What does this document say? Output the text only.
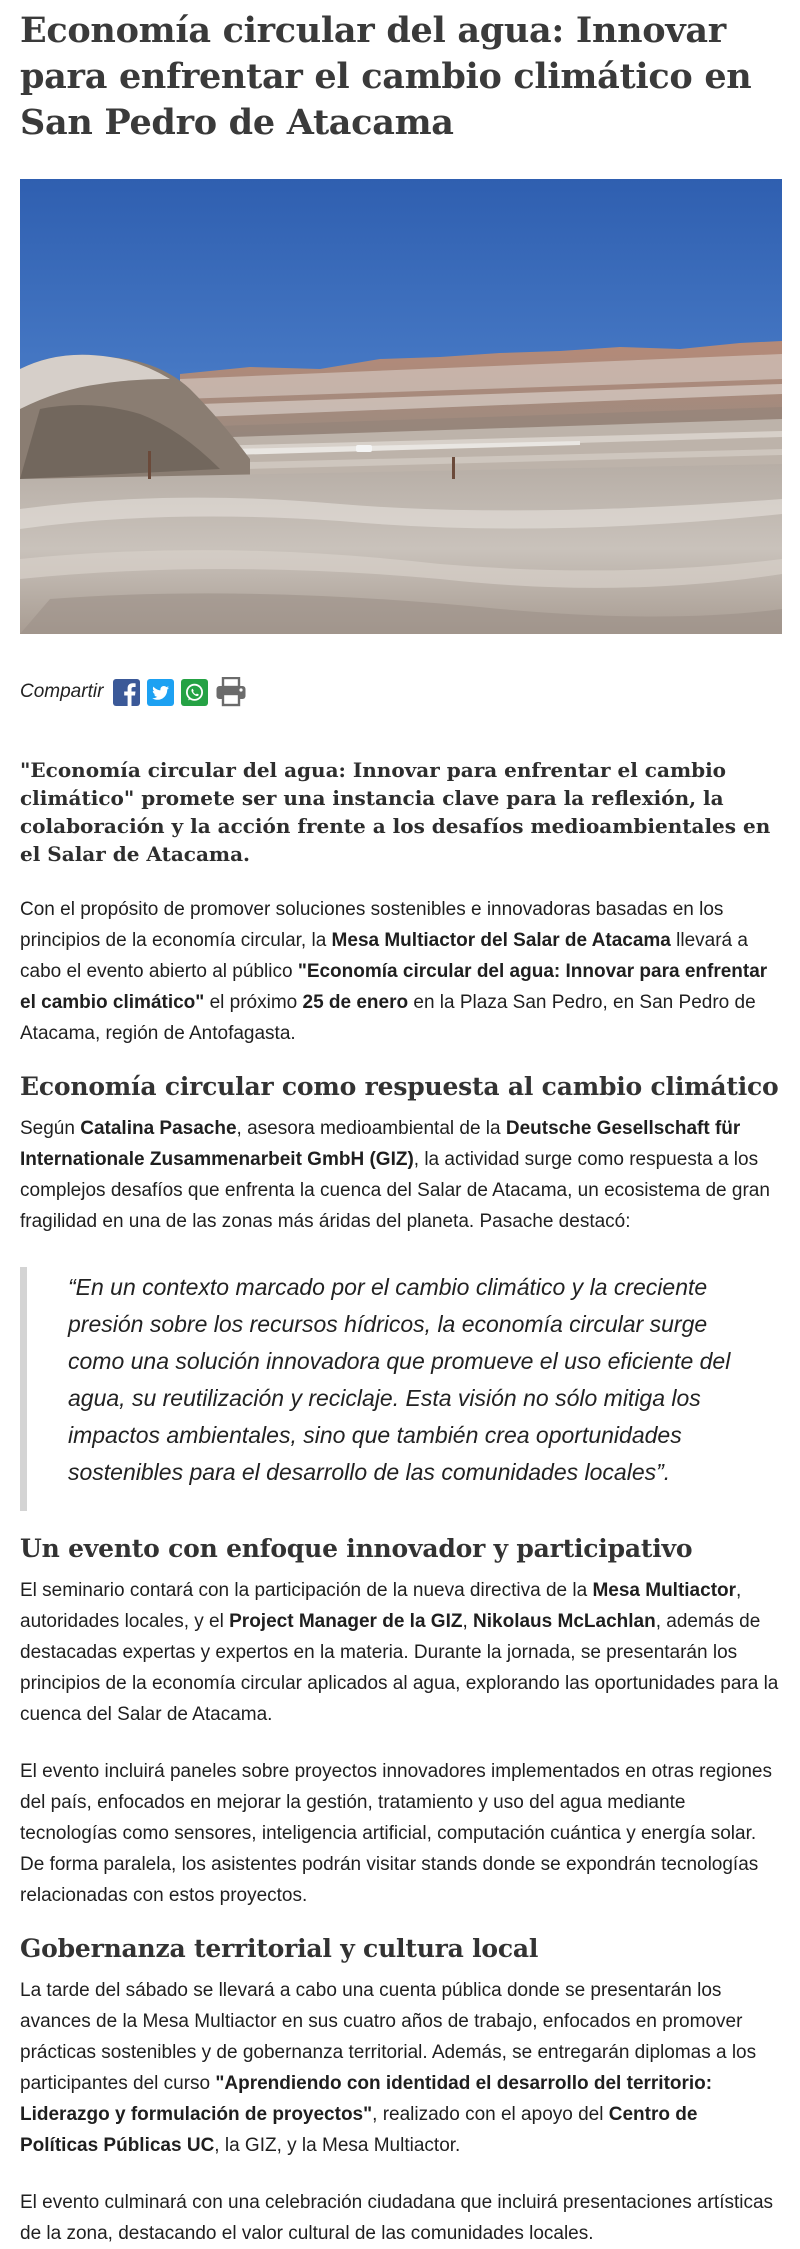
Economía circular del agua: Innovar para enfrentar el cambio climático en San Pedro de Atacama
Compartir

"Economía circular del agua: Innovar para enfrentar el cambio climático" promete ser una instancia clave para la reflexión, la colaboración y la acción frente a los desafíos medioambientales en el Salar de Atacama.

Con el propósito de promover soluciones sostenibles e innovadoras basadas en los principios de la economía circular, la Mesa Multiactor del Salar de Atacama llevará a cabo el evento abierto al público "Economía circular del agua: Innovar para enfrentar el cambio climático" el próximo 25 de enero en la Plaza San Pedro, en San Pedro de Atacama, región de Antofagasta.

Economía circular como respuesta al cambio climático

Según Catalina Pasache, asesora medioambiental de la Deutsche Gesellschaft für Internationale Zusammenarbeit GmbH (GIZ), la actividad surge como respuesta a los complejos desafíos que enfrenta la cuenca del Salar de Atacama, un ecosistema de gran fragilidad en una de las zonas más áridas del planeta. Pasache destacó:

“En un contexto marcado por el cambio climático y la creciente presión sobre los recursos hídricos, la economía circular surge como una solución innovadora que promueve el uso eficiente del agua, su reutilización y reciclaje. Esta visión no sólo mitiga los impactos ambientales, sino que también crea oportunidades sostenibles para el desarrollo de las comunidades locales”.
Un evento con enfoque innovador y participativo

El seminario contará con la participación de la nueva directiva de la Mesa Multiactor, autoridades locales, y el Project Manager de la GIZ, Nikolaus McLachlan, además de destacadas expertas y expertos en la materia. Durante la jornada, se presentarán los principios de la economía circular aplicados al agua, explorando las oportunidades para la cuenca del Salar de Atacama.

El evento incluirá paneles sobre proyectos innovadores implementados en otras regiones del país, enfocados en mejorar la gestión, tratamiento y uso del agua mediante tecnologías como sensores, inteligencia artificial, computación cuántica y energía solar. De forma paralela, los asistentes podrán visitar stands donde se expondrán tecnologías relacionadas con estos proyectos.

Gobernanza territorial y cultura local

La tarde del sábado se llevará a cabo una cuenta pública donde se presentarán los avances de la Mesa Multiactor en sus cuatro años de trabajo, enfocados en promover prácticas sostenibles y de gobernanza territorial. Además, se entregarán diplomas a los participantes del curso "Aprendiendo con identidad el desarrollo del territorio: Liderazgo y formulación de proyectos", realizado con el apoyo del Centro de Políticas Públicas UC, la GIZ, y la Mesa Multiactor.

El evento culminará con una celebración ciudadana que incluirá presentaciones artísticas de la zona, destacando el valor cultural de las comunidades locales.
